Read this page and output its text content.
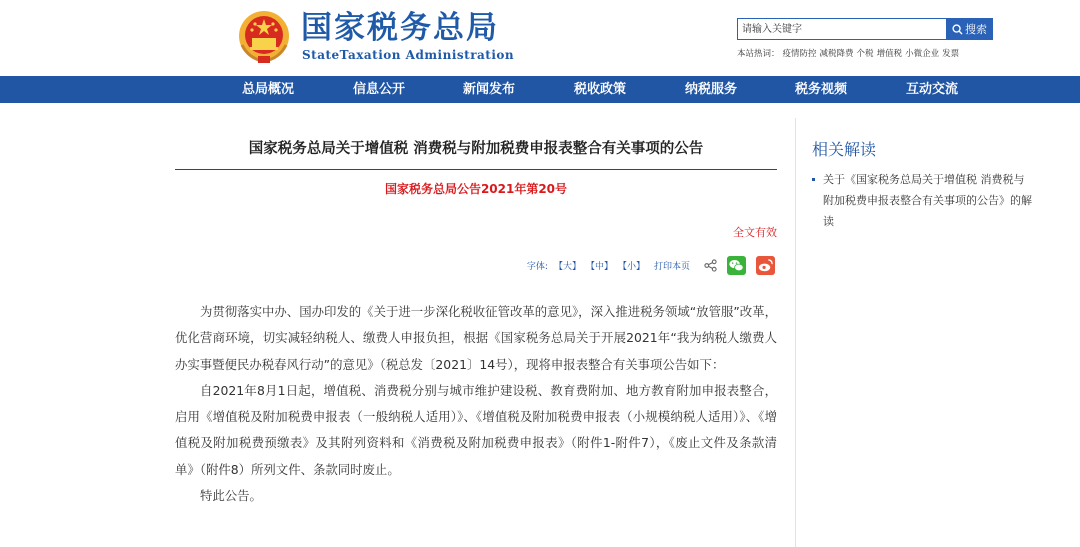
国家税务总局
StateTaxation Administration
请输入关键字
搜索
本站热词： 疫情防控 减税降费 个税 增值税 小微企业 发票
总局概况	信息公开	新闻发布	税收政策	纳税服务	税务视频	互动交流
国家税务总局关于增值税 消费税与附加税费申报表整合有关事项的公告
国家税务总局公告2021年第20号
全文有效
字体: 【大】 【中】 【小】 打印本页

为贯彻落实中办、国办印发的《关于进一步深化税收征管改革的意见》，深入推进税务领域“放管服”改革，优化营商环境，切实减轻纳税人、缴费人申报负担，根据《国家税务总局关于开展2021年“我为纳税人缴费人办实事暨便民办税春风行动”的意见》（税总发〔2021〕14号），现将申报表整合有关事项公告如下：

自2021年8月1日起，增值税、消费税分别与城市维护建设税、教育费附加、地方教育附加申报表整合，启用《增值税及附加税费申报表（一般纳税人适用）》、《增值税及附加税费申报表（小规模纳税人适用）》、《增值税及附加税费预缴表》及其附列资料和《消费税及附加税费申报表》（附件1-附件7），《废止文件及条款清单》（附件8）所列文件、条款同时废止。

特此公告。

相关解读
关于《国家税务总局关于增值税 消费税与附加税费申报表整合有关事项的公告》的解读
